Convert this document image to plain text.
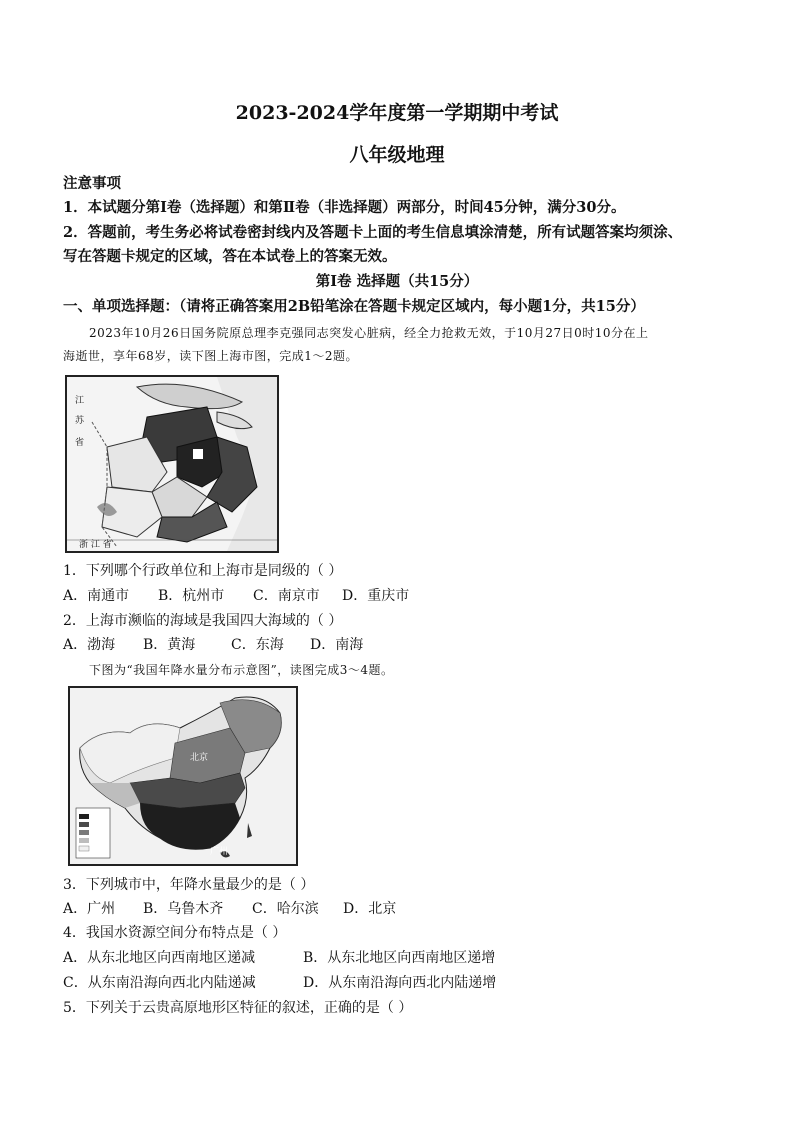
2023-2024学年度第一学期期中考试
八年级地理
注意事项
1．本试题分第Ⅰ卷（选择题）和第Ⅱ卷（非选择题）两部分，时间45分钟，满分30分。
2．答题前，考生务必将试卷密封线内及答题卡上面的考生信息填涂清楚，所有试题答案均须涂、
写在答题卡规定的区域，答在本试卷上的答案无效。
第Ⅰ卷 选择题（共15分）
一、单项选择题：（请将正确答案用2B铅笔涂在答题卡规定区域内，每小题1分，共15分）
2023年10月26日国务院原总理李克强同志突发心脏病，经全力抢救无效，于10月27日0时10分在上
海逝世，享年68岁，读下图上海市图，完成1～2题。
江
苏
省
浙 江 省
1．下列哪个行政单位和上海市是同级的（ ）
A．南通市 B．杭州市 C．南京市 D．重庆市
2．上海市濒临的海域是我国四大海域的（ ）
A．渤海 B．黄海	C．东海 D．南海
下图为“我国年降水量分布示意图”，读图完成3～4题。
北京
广州
3．下列城市中，年降水量最少的是（ ）
A．广州 B．乌鲁木齐 C．哈尔滨 D．北京
4．我国水资源空间分布特点是（ ）
A．从东北地区向西南地区递减	B．从东北地区向西南地区递增
C．从东南沿海向西北内陆递减	D．从东南沿海向西北内陆递增
5．下列关于云贵高原地形区特征的叙述，正确的是（ ）
